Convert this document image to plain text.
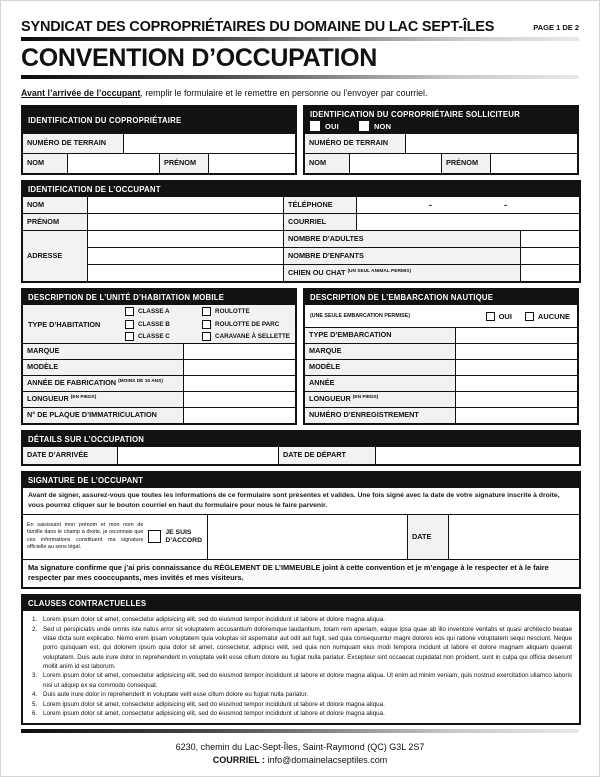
SYNDICAT DES COPROPRIÉTAIRES DU DOMAINE DU LAC SEPT-ÎLES	PAGE 1 DE 2
CONVENTION D’OCCUPATION
Avant l’arrivée de l’occupant, remplir le formulaire et le remettre en personne ou l’envoyer par courriel.
IDENTIFICATION DU COPROPRIÉTAIRE
NUMÉRO DE TERRAIN
NOM	PRÉNOM
IDENTIFICATION DU COPROPRIÉTAIRE SOLLICITEUR
OUI	NON
NUMÉRO DE TERRAIN
NOM	PRÉNOM
IDENTIFICATION DE L’OCCUPANT
NOM	TÉLÉPHONE	-	-
PRÉNOM	COURRIEL
ADRESSE
NOMBRE D’ADULTES
NOMBRE D’ENFANTS
CHIEN OU CHAT (UN SEUL ANIMAL PERMIS)
DESCRIPTION DE L’UNITÉ D’HABITATION MOBILE
TYPE D’HABITATION
CLASSE A
CLASSE B
CLASSE C
ROULOTTE
ROULOTTE DE PARC
CARAVANE À SELLETTE
MARQUE
MODÈLE
ANNÉE DE FABRICATION (MOINS DE 15 ANS)
LONGUEUR (EN PIEDS)
N° DE PLAQUE D’IMMATRICULATION
DESCRIPTION DE L’EMBARCATION NAUTIQUE
(UNE SEULE EMBARCATION PERMISE)	OUI	AUCUNE
TYPE D’EMBARCATION
MARQUE
MODÈLE
ANNÉE
LONGUEUR (EN PIEDS)
NUMÉRO D’ENREGISTREMENT
DÉTAILS SUR L’OCCUPATION
DATE D’ARRIVÉE	DATE DE DÉPART
SIGNATURE DE L’OCCUPANT
Avant de signer, assurez-vous que toutes les informations de ce formulaire sont présentes et valides. Une fois signé avec la date de votre signature inscrite à droite, vous pourrez cliquer sur le bouton courriel en haut du formulaire pour nous le faire parvenir.
En saisissant mon prénom et mon nom de famille dans le champ à droite, je reconnais que ces informations constituent ma signature officielle au sens légal.
JE SUIS
D’ACCORD	DATE
Ma signature confirme que j’ai pris connaissance du RÈGLEMENT DE L’IMMEUBLE joint à cette convention et je m’engage à le respecter et à le faire respecter par mes cooccupants, mes invités et mes visiteurs.
CLAUSES CONTRACTUELLES
1. Lorem ipsum dolor sit amet, consectetur adipisicing elit, sed do eiusmod tempor incididunt ut labore et dolore magna aliqua.
2. Sed ut perspiciatis unde omnis iste natus error sit voluptatem accusantium doloremque laudantium, totam rem aperiam, eaque ipsa quae ab illo inventore veritatis et quasi architecto beatae vitae dicta sunt explicabo. Nemo enim ipsam voluptatem quia voluptas sit aspernatur aut odit aut fugit, sed quia consequuntur magni dolores eos qui ratione voluptatem sequi nesciunt. Neque porro quisquam est, qui dolorem ipsum quia dolor sit amet, consectetur, adipisci velit, sed quia non numquam eius modi tempora incidunt ut labore et dolore magnam aliquam quaerat voluptatem. Duis aute irure dolor in reprehenderit in voluptate velit esse cillum dolore eu fugiat nulla pariatur. Excepteur sint occaecat cupidatat non proident, sunt in culpa qui officia deserunt mollit anim id est laborum.
3. Lorem ipsum dolor sit amet, consectetur adipisicing elit, sed do eiusmod tempor incididunt ut labore et dolore magna aliqua. Ut enim ad minim veniam, quis nostrud exercitation ullamco laboris nisi ut aliquip ex ea commodo consequat.
4. Duis aute irure dolor in reprehenderit in voluptate velit esse cillum dolore eu fugiat nulla pariatur.
5. Lorem ipsum dolor sit amet, consectetur adipisicing elit, sed do eiusmod tempor incididunt ut labore et dolore magna aliqua.
6. Lorem ipsum dolor sit amet, consectetur adipisicing elit, sed do eiusmod tempor incididunt ut labore et dolore magna aliqua.
6230, chemin du Lac-Sept-Îles, Saint-Raymond (QC) G3L 2S7
COURRIEL : info@domainelacseptiles.com
